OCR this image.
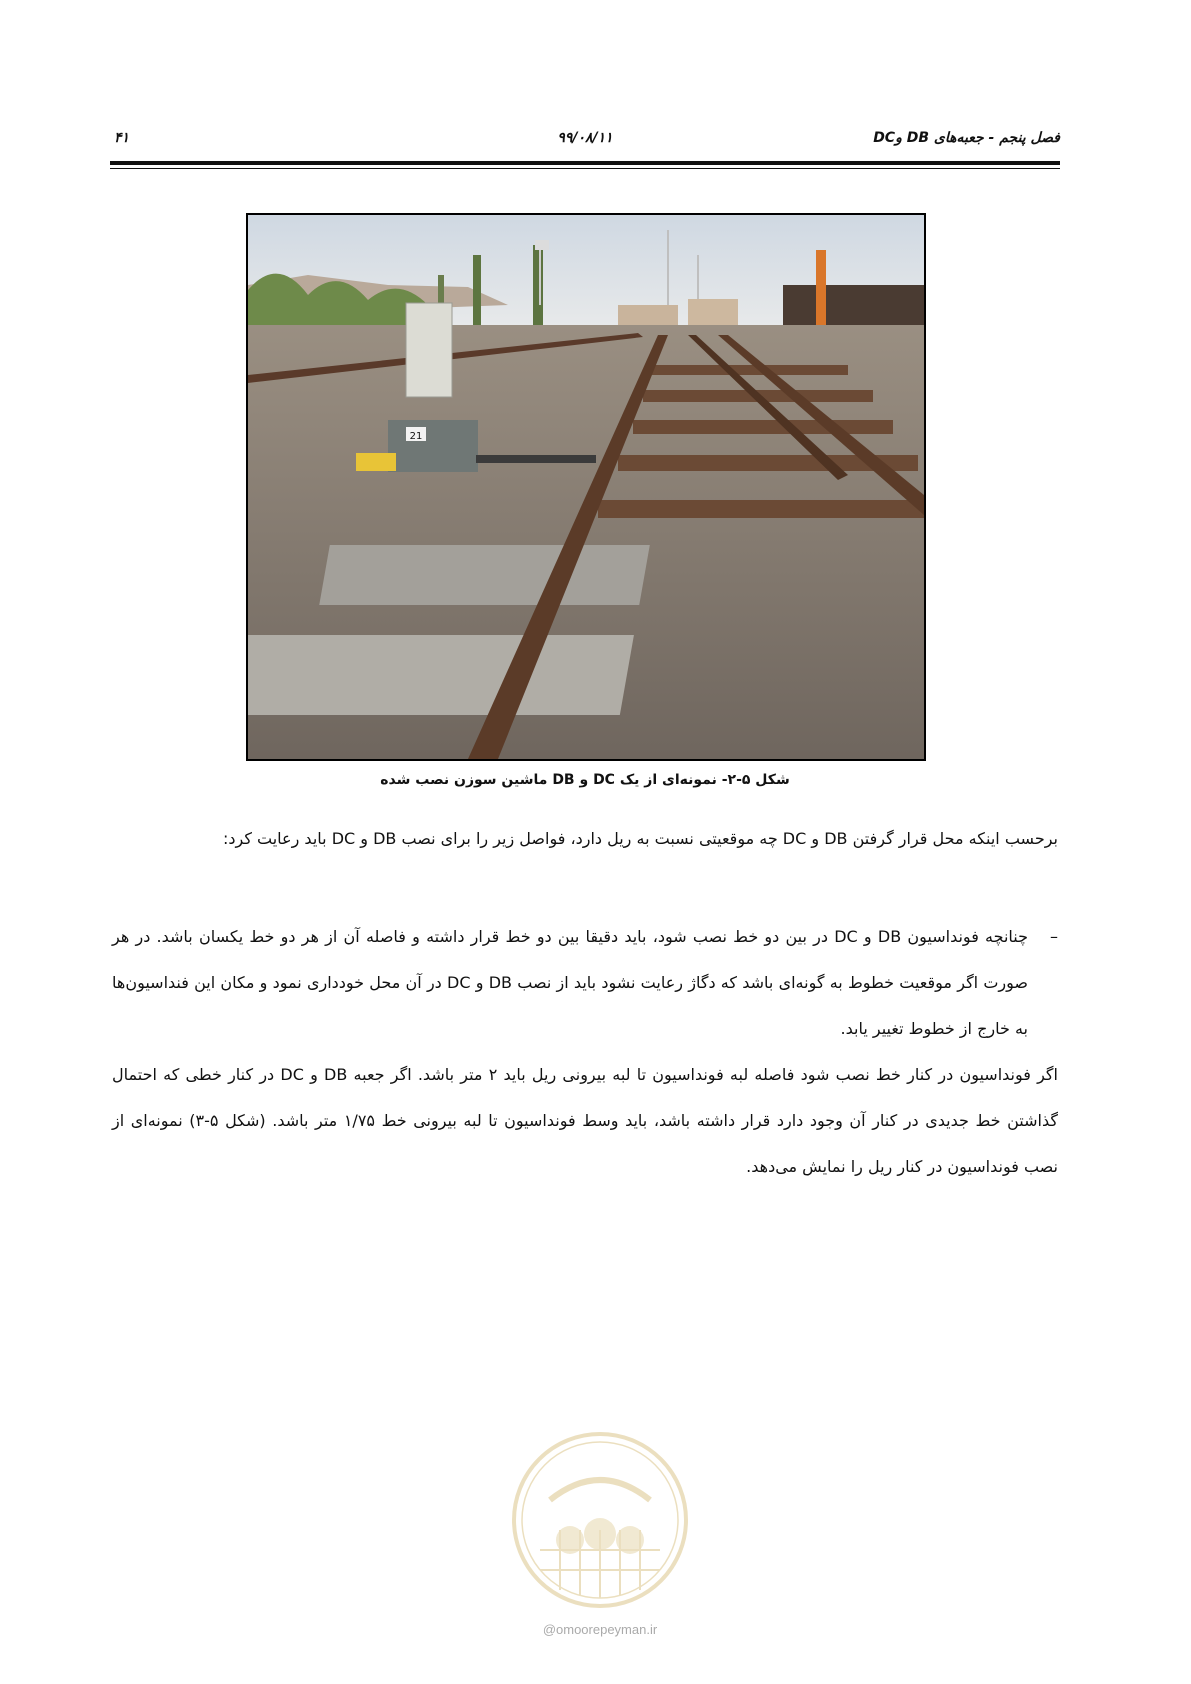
فصل پنجم - جعبه‌های DB وDC
۹۹/۰۸/۱۱
۴۱
21
شکل ۵-۲- نمونه‌ای از یک DC و DB ماشین سوزن نصب شده
برحسب اینکه محل قرار گرفتن DB و DC چه موقعیتی نسبت به ریل دارد، فواصل زیر را برای نصب DB و DC باید رعایت کرد:
–
چنانچه فونداسیون DB و DC در بین دو خط نصب شود، باید دقیقا بین دو خط قرار داشته و فاصله آن از هر دو خط یکسان باشد. در هر صورت اگر موقعیت خطوط به گونه‌ای باشد که دگاژ رعایت نشود باید از نصب DB و DC در آن محل خودداری نمود و مکان این فنداسیون‌ها به خارج از خطوط تغییر یابد.
اگر فونداسیون در کنار خط نصب شود فاصله لبه فونداسیون تا لبه بیرونی ریل باید ۲ متر باشد. اگر جعبه DB و DC در کنار خطی که احتمال گذاشتن خط جدیدی در کنار آن وجود دارد قرار داشته باشد، باید وسط فونداسیون تا لبه بیرونی خط ۱/۷۵ متر باشد. (شکل ۵-۳) نمونه‌ای از نصب فونداسیون در کنار ریل را نمایش می‌دهد.
@omoorepeyman.ir
